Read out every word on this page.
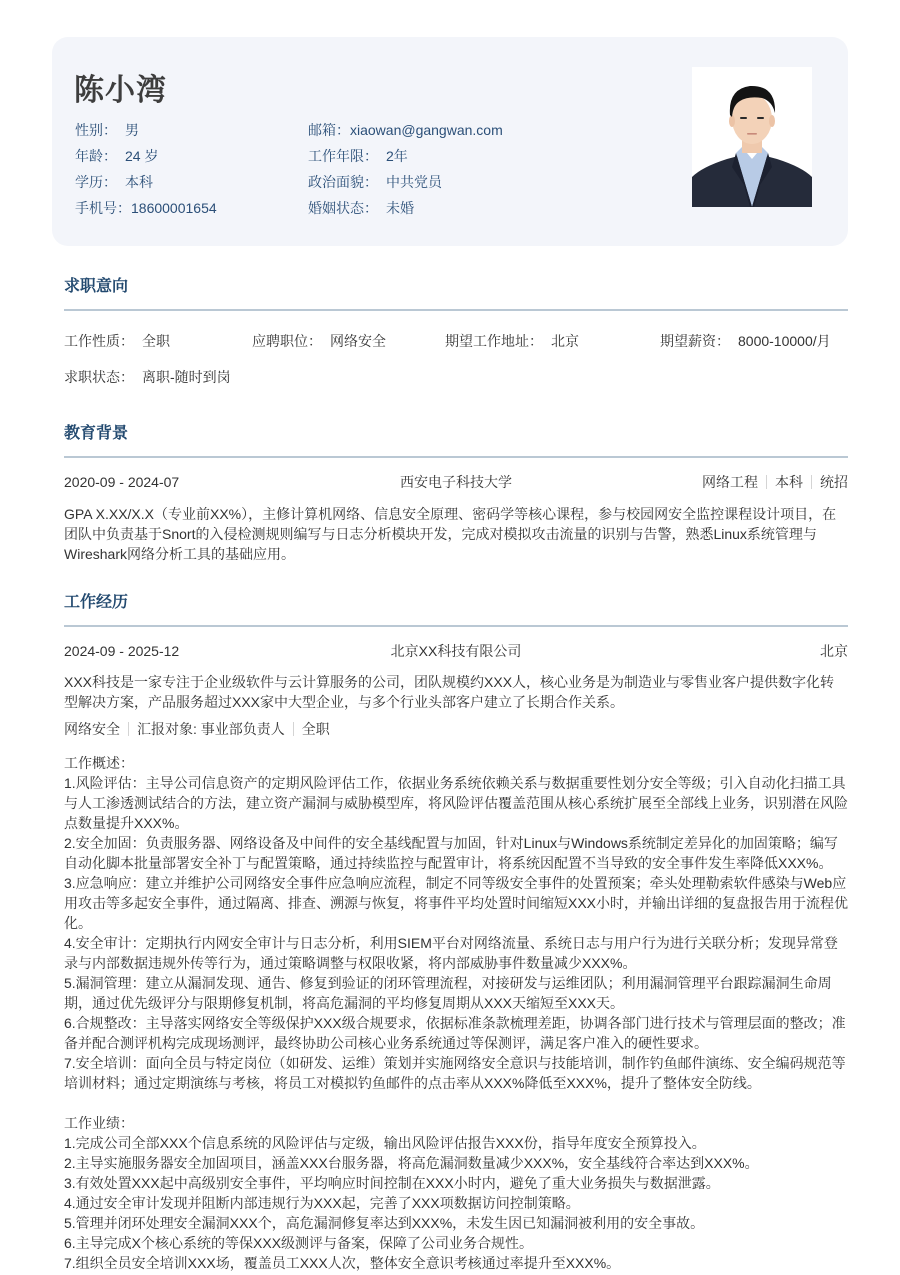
陈小湾
性别： 男	邮箱：xiaowan@gangwan.com
年龄： 24 岁	工作年限： 2年
学历： 本科	政治面貌： 中共党员
手机号：18600001654	婚姻状态： 未婚
求职意向
工作性质： 全职	应聘职位： 网络安全	期望工作地址： 北京	期望薪资： 8000-10000/月
求职状态： 离职-随时到岗
教育背景
2020-09 - 2024-07	西安电子科技大学	网络工程 本科 统招
GPA X.XX/X.X（专业前XX%），主修计算机网络、信息安全原理、密码学等核心课程，参与校园网安全监控课程设计项目，在团队中负责基于Snort的入侵检测规则编写与日志分析模块开发，完成对模拟攻击流量的识别与告警，熟悉Linux系统管理与Wireshark网络分析工具的基础应用。
工作经历
2024-09 - 2025-12	北京XX科技有限公司	北京
XXX科技是一家专注于企业级软件与云计算服务的公司，团队规模约XXX人，核心业务是为制造业与零售业客户提供数字化转型解决方案，产品服务超过XXX家中大型企业，与多个行业头部客户建立了长期合作关系。
网络安全 汇报对象: 事业部负责人 全职
工作概述：
1.风险评估：主导公司信息资产的定期风险评估工作，依据业务系统依赖关系与数据重要性划分安全等级；引入自动化扫描工具与人工渗透测试结合的方法，建立资产漏洞与威胁模型库，将风险评估覆盖范围从核心系统扩展至全部线上业务，识别潜在风险点数量提升XXX%。
2.安全加固：负责服务器、网络设备及中间件的安全基线配置与加固，针对Linux与Windows系统制定差异化的加固策略；编写自动化脚本批量部署安全补丁与配置策略，通过持续监控与配置审计，将系统因配置不当导致的安全事件发生率降低XXX%。
3.应急响应：建立并维护公司网络安全事件应急响应流程，制定不同等级安全事件的处置预案；牵头处理勒索软件感染与Web应用攻击等多起安全事件，通过隔离、排查、溯源与恢复，将事件平均处置时间缩短XXX小时，并输出详细的复盘报告用于流程优化。
4.安全审计：定期执行内网安全审计与日志分析，利用SIEM平台对网络流量、系统日志与用户行为进行关联分析；发现异常登录与内部数据违规外传等行为，通过策略调整与权限收紧，将内部威胁事件数量减少XXX%。
5.漏洞管理：建立从漏洞发现、通告、修复到验证的闭环管理流程，对接研发与运维团队；利用漏洞管理平台跟踪漏洞生命周期，通过优先级评分与限期修复机制，将高危漏洞的平均修复周期从XXX天缩短至XXX天。
6.合规整改：主导落实网络安全等级保护XXX级合规要求，依据标准条款梳理差距，协调各部门进行技术与管理层面的整改；准备并配合测评机构完成现场测评，最终协助公司核心业务系统通过等保测评，满足客户准入的硬性要求。
7.安全培训：面向全员与特定岗位（如研发、运维）策划并实施网络安全意识与技能培训，制作钓鱼邮件演练、安全编码规范等培训材料；通过定期演练与考核，将员工对模拟钓鱼邮件的点击率从XXX%降低至XXX%，提升了整体安全防线。
工作业绩：
1.完成公司全部XXX个信息系统的风险评估与定级，输出风险评估报告XXX份，指导年度安全预算投入。
2.主导实施服务器安全加固项目，涵盖XXX台服务器，将高危漏洞数量减少XXX%，安全基线符合率达到XXX%。
3.有效处置XXX起中高级别安全事件，平均响应时间控制在XXX小时内，避免了重大业务损失与数据泄露。
4.通过安全审计发现并阻断内部违规行为XXX起，完善了XXX项数据访问控制策略。
5.管理并闭环处理安全漏洞XXX个，高危漏洞修复率达到XXX%，未发生因已知漏洞被利用的安全事故。
6.主导完成X个核心系统的等保XXX级测评与备案，保障了公司业务合规性。
7.组织全员安全培训XXX场，覆盖员工XXX人次，整体安全意识考核通过率提升至XXX%。
